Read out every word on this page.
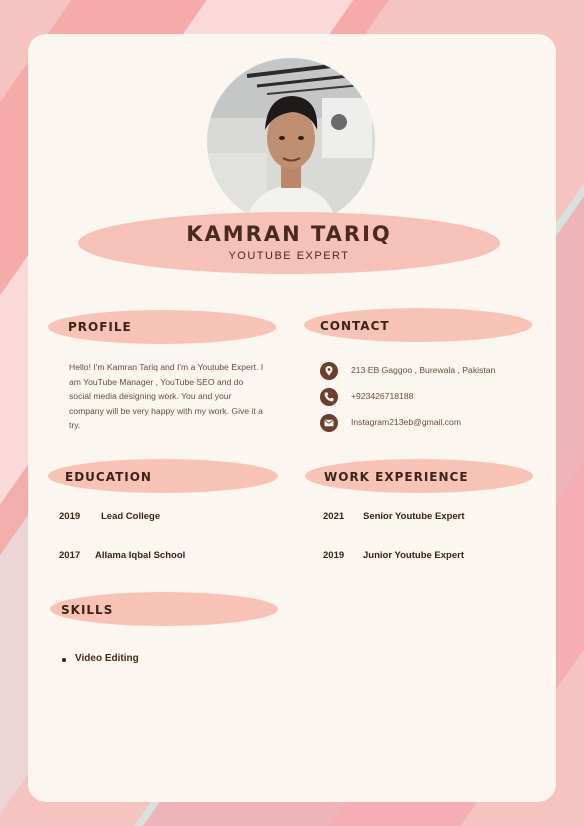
KAMRAN TARIQ
YOUTUBE EXPERT
PROFILE
Hello! I'm Kamran Tariq and I'm a Youtube Expert. I am YouTube Manager , YouTube SEO and do social media designing work. You and your company will be very happy with my work. Give it a try.
CONTACT
213 EB Gaggoo , Burewala , Pakistan
+923426718188
Instagram213eb@gmail.com
EDUCATION
2019 Lead College
2017 Allama Iqbal School
WORK EXPERIENCE
2021 Senior Youtube Expert
2019 Junior Youtube Expert
SKILLS
Video Editing
